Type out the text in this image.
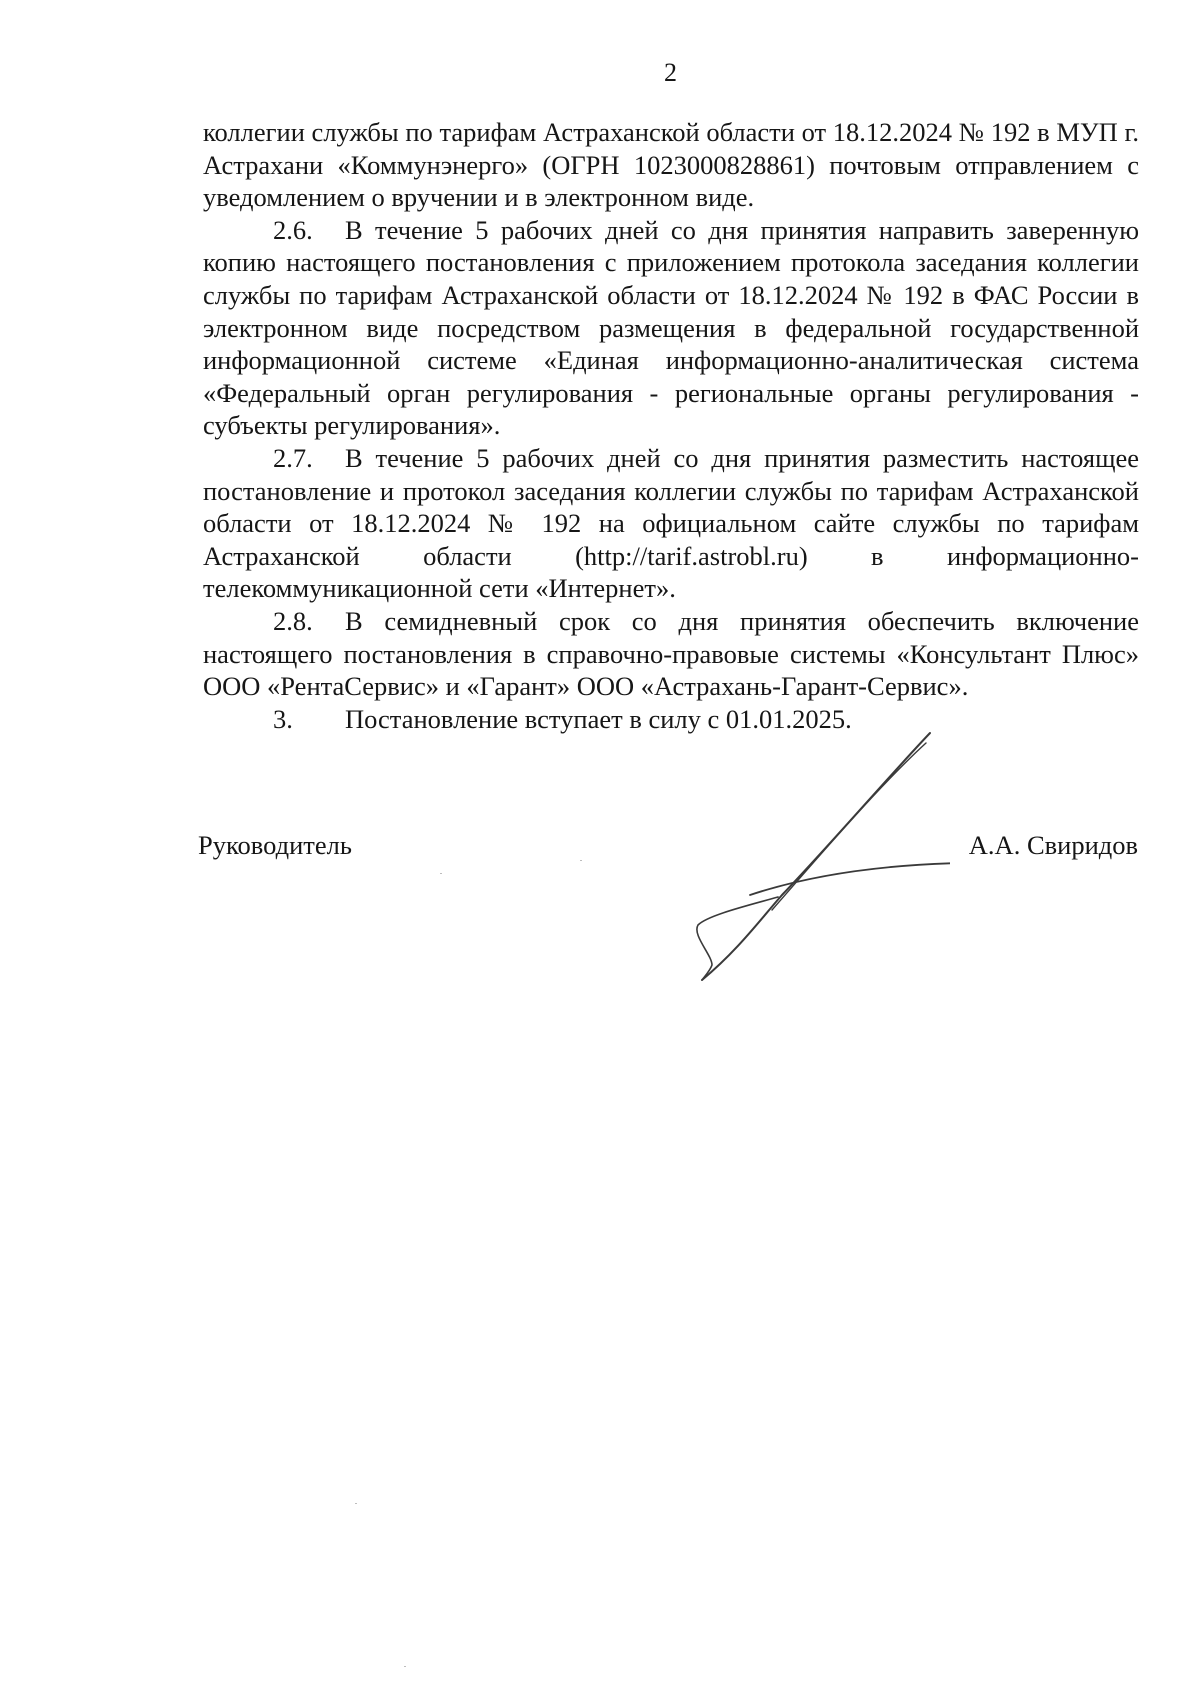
2

коллегии службы по тарифам Астраханской области от 18.12.2024 № 192 в МУП г. Астрахани «Коммунэнерго» (ОГРН 1023000828861) почтовым отправлением с уведомлением о вручении и в электронном виде.

2.6. В течение 5 рабочих дней со дня принятия направить заверенную копию настоящего постановления с приложением протокола заседания коллегии службы по тарифам Астраханской области от 18.12.2024 № 192 в ФАС России в электронном виде посредством размещения в федеральной государственной информационной системе «Единая информационно-аналитическая система «Федеральный орган регулирования - региональные органы регулирования - субъекты регулирования».

2.7. В течение 5 рабочих дней со дня принятия разместить настоящее постановление и протокол заседания коллегии службы по тарифам Астраханской области от 18.12.2024 № 192 на официальном сайте службы по тарифам Астраханской области (http://tarif.astrobl.ru) в информационно-телекоммуникационной сети «Интернет».

2.8. В семидневный срок со дня принятия обеспечить включение настоящего постановления в справочно-правовые системы «Консультант Плюс» ООО «РентаСервис» и «Гарант» ООО «Астрахань-Гарант-Сервис».

3. Постановление вступает в силу с 01.01.2025.

Руководитель	А.А. Свиридов
